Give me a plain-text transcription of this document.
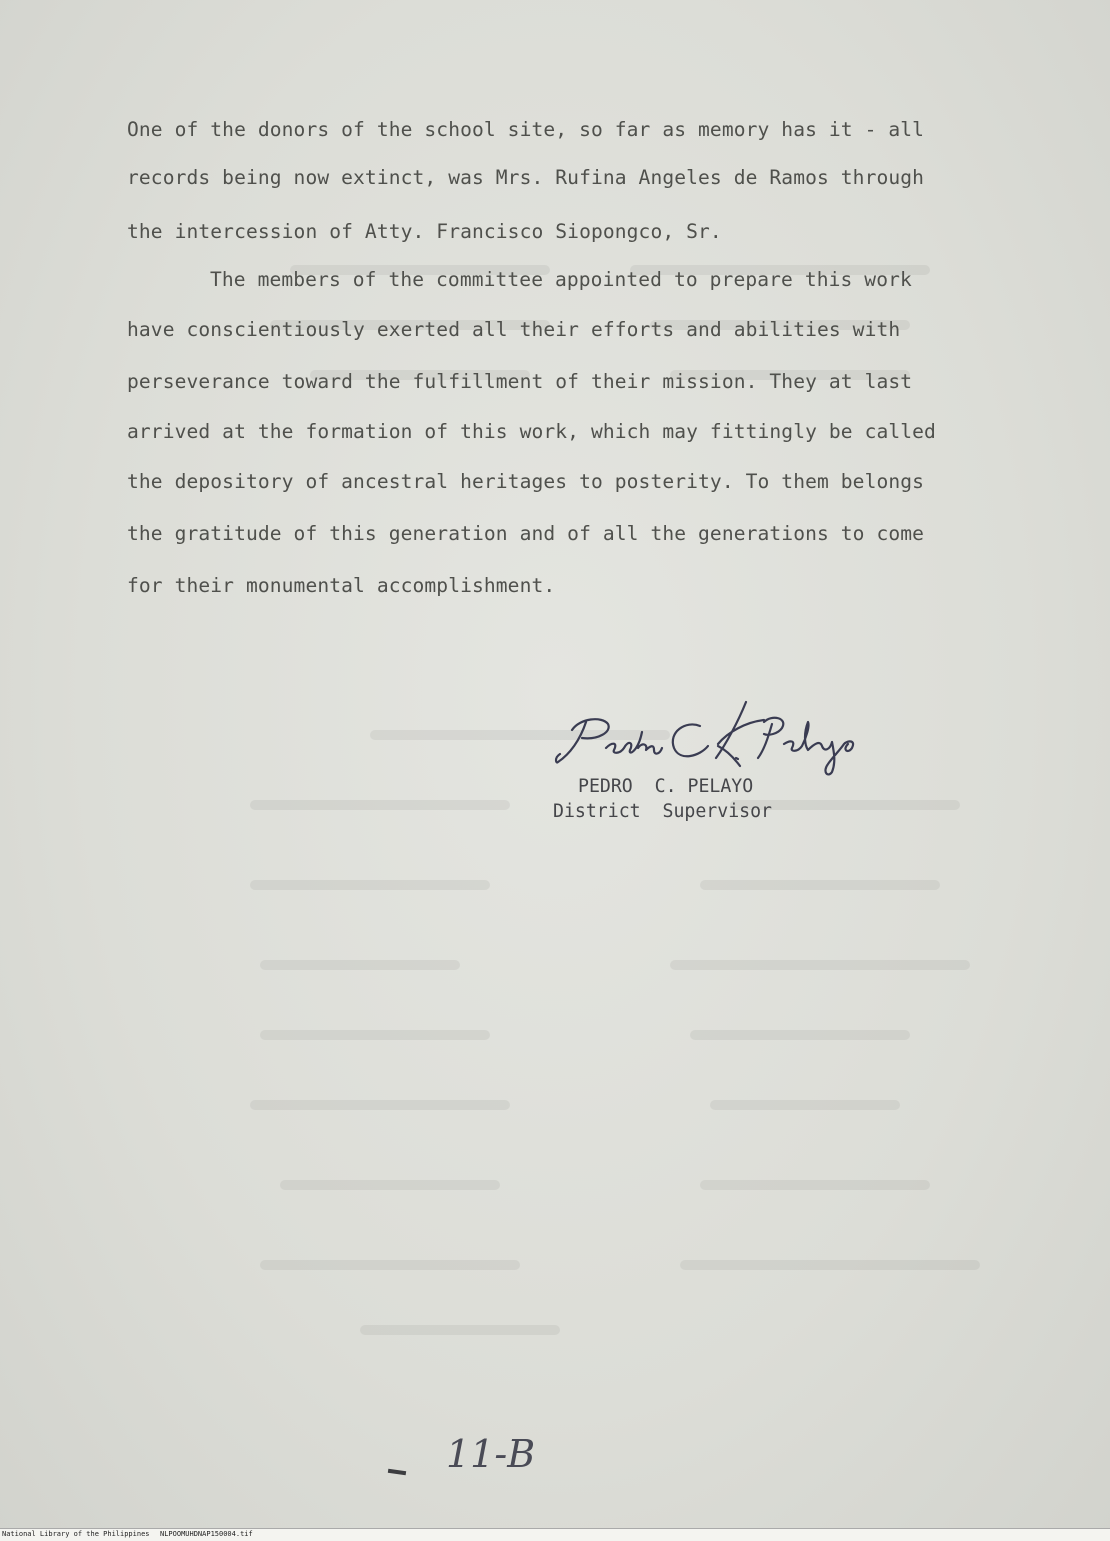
One of the donors of the school site, so far as memory has it - all
records being now extinct, was Mrs. Rufina Angeles de Ramos through
the intercession of Atty. Francisco Siopongco, Sr.
The members of the committee appointed to prepare this work
have conscientiously exerted all their efforts and abilities with
perseverance toward the fulfillment of their mission. They at last
arrived at the formation of this work, which may fittingly be called
the depository of ancestral heritages to posterity. To them belongs
the gratitude of this generation and of all the generations to come
for their monumental accomplishment.
PEDRO  C. PELAYO
District  Supervisor
11-B
National Library of the Philippines NLPOOMUHDNAP150004.tif
